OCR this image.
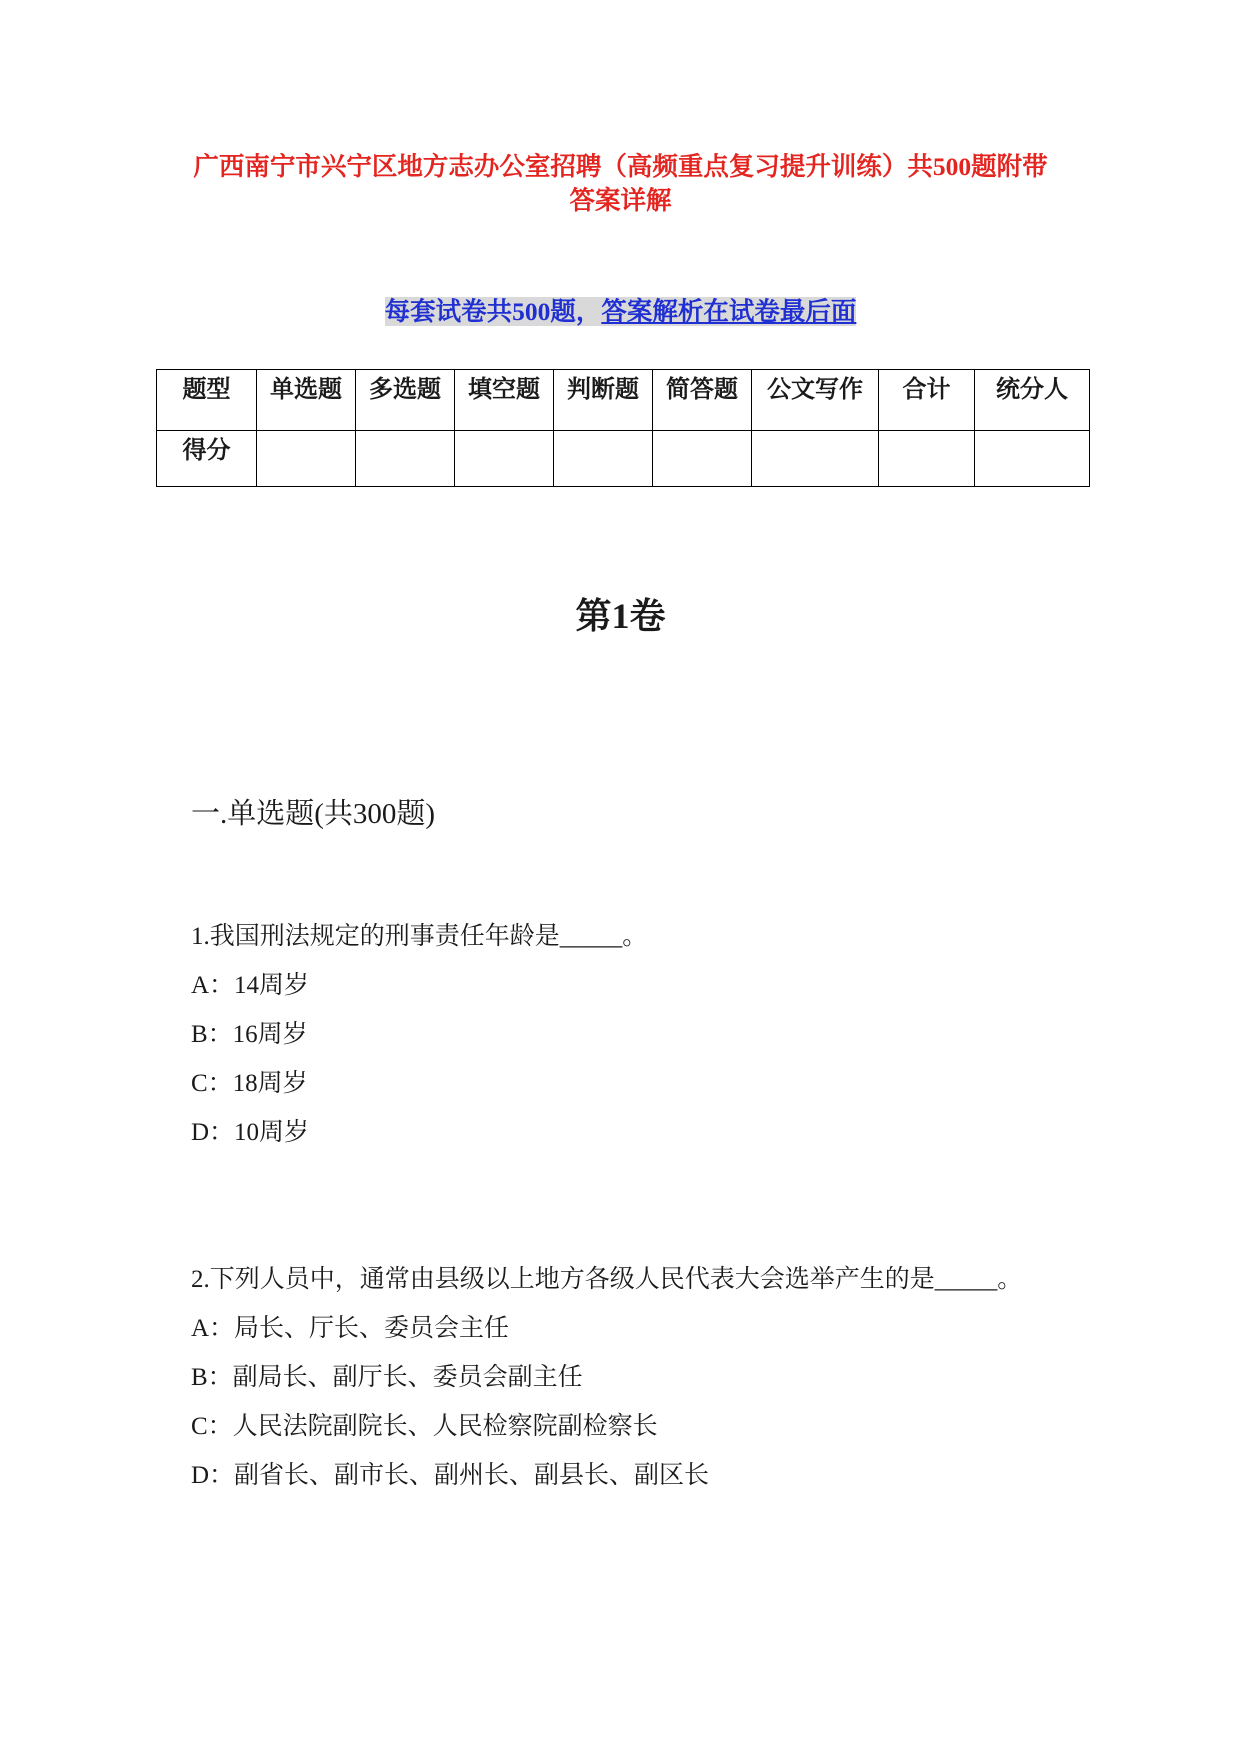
广西南宁市兴宁区地方志办公室招聘（高频重点复习提升训练）共500题附带
答案详解
每套试卷共500题，答案解析在试卷最后面
题型	单选题	多选题	填空题	判断题	简答题	公文写作	合计	统分人
得分								
第1卷
一.单选题(共300题)
1.我国刑法规定的刑事责任年龄是_____。
A：14周岁
B：16周岁
C：18周岁
D：10周岁
2.下列人员中，通常由县级以上地方各级人民代表大会选举产生的是_____。
A：局长、厅长、委员会主任
B：副局长、副厅长、委员会副主任
C：人民法院副院长、人民检察院副检察长
D：副省长、副市长、副州长、副县长、副区长
